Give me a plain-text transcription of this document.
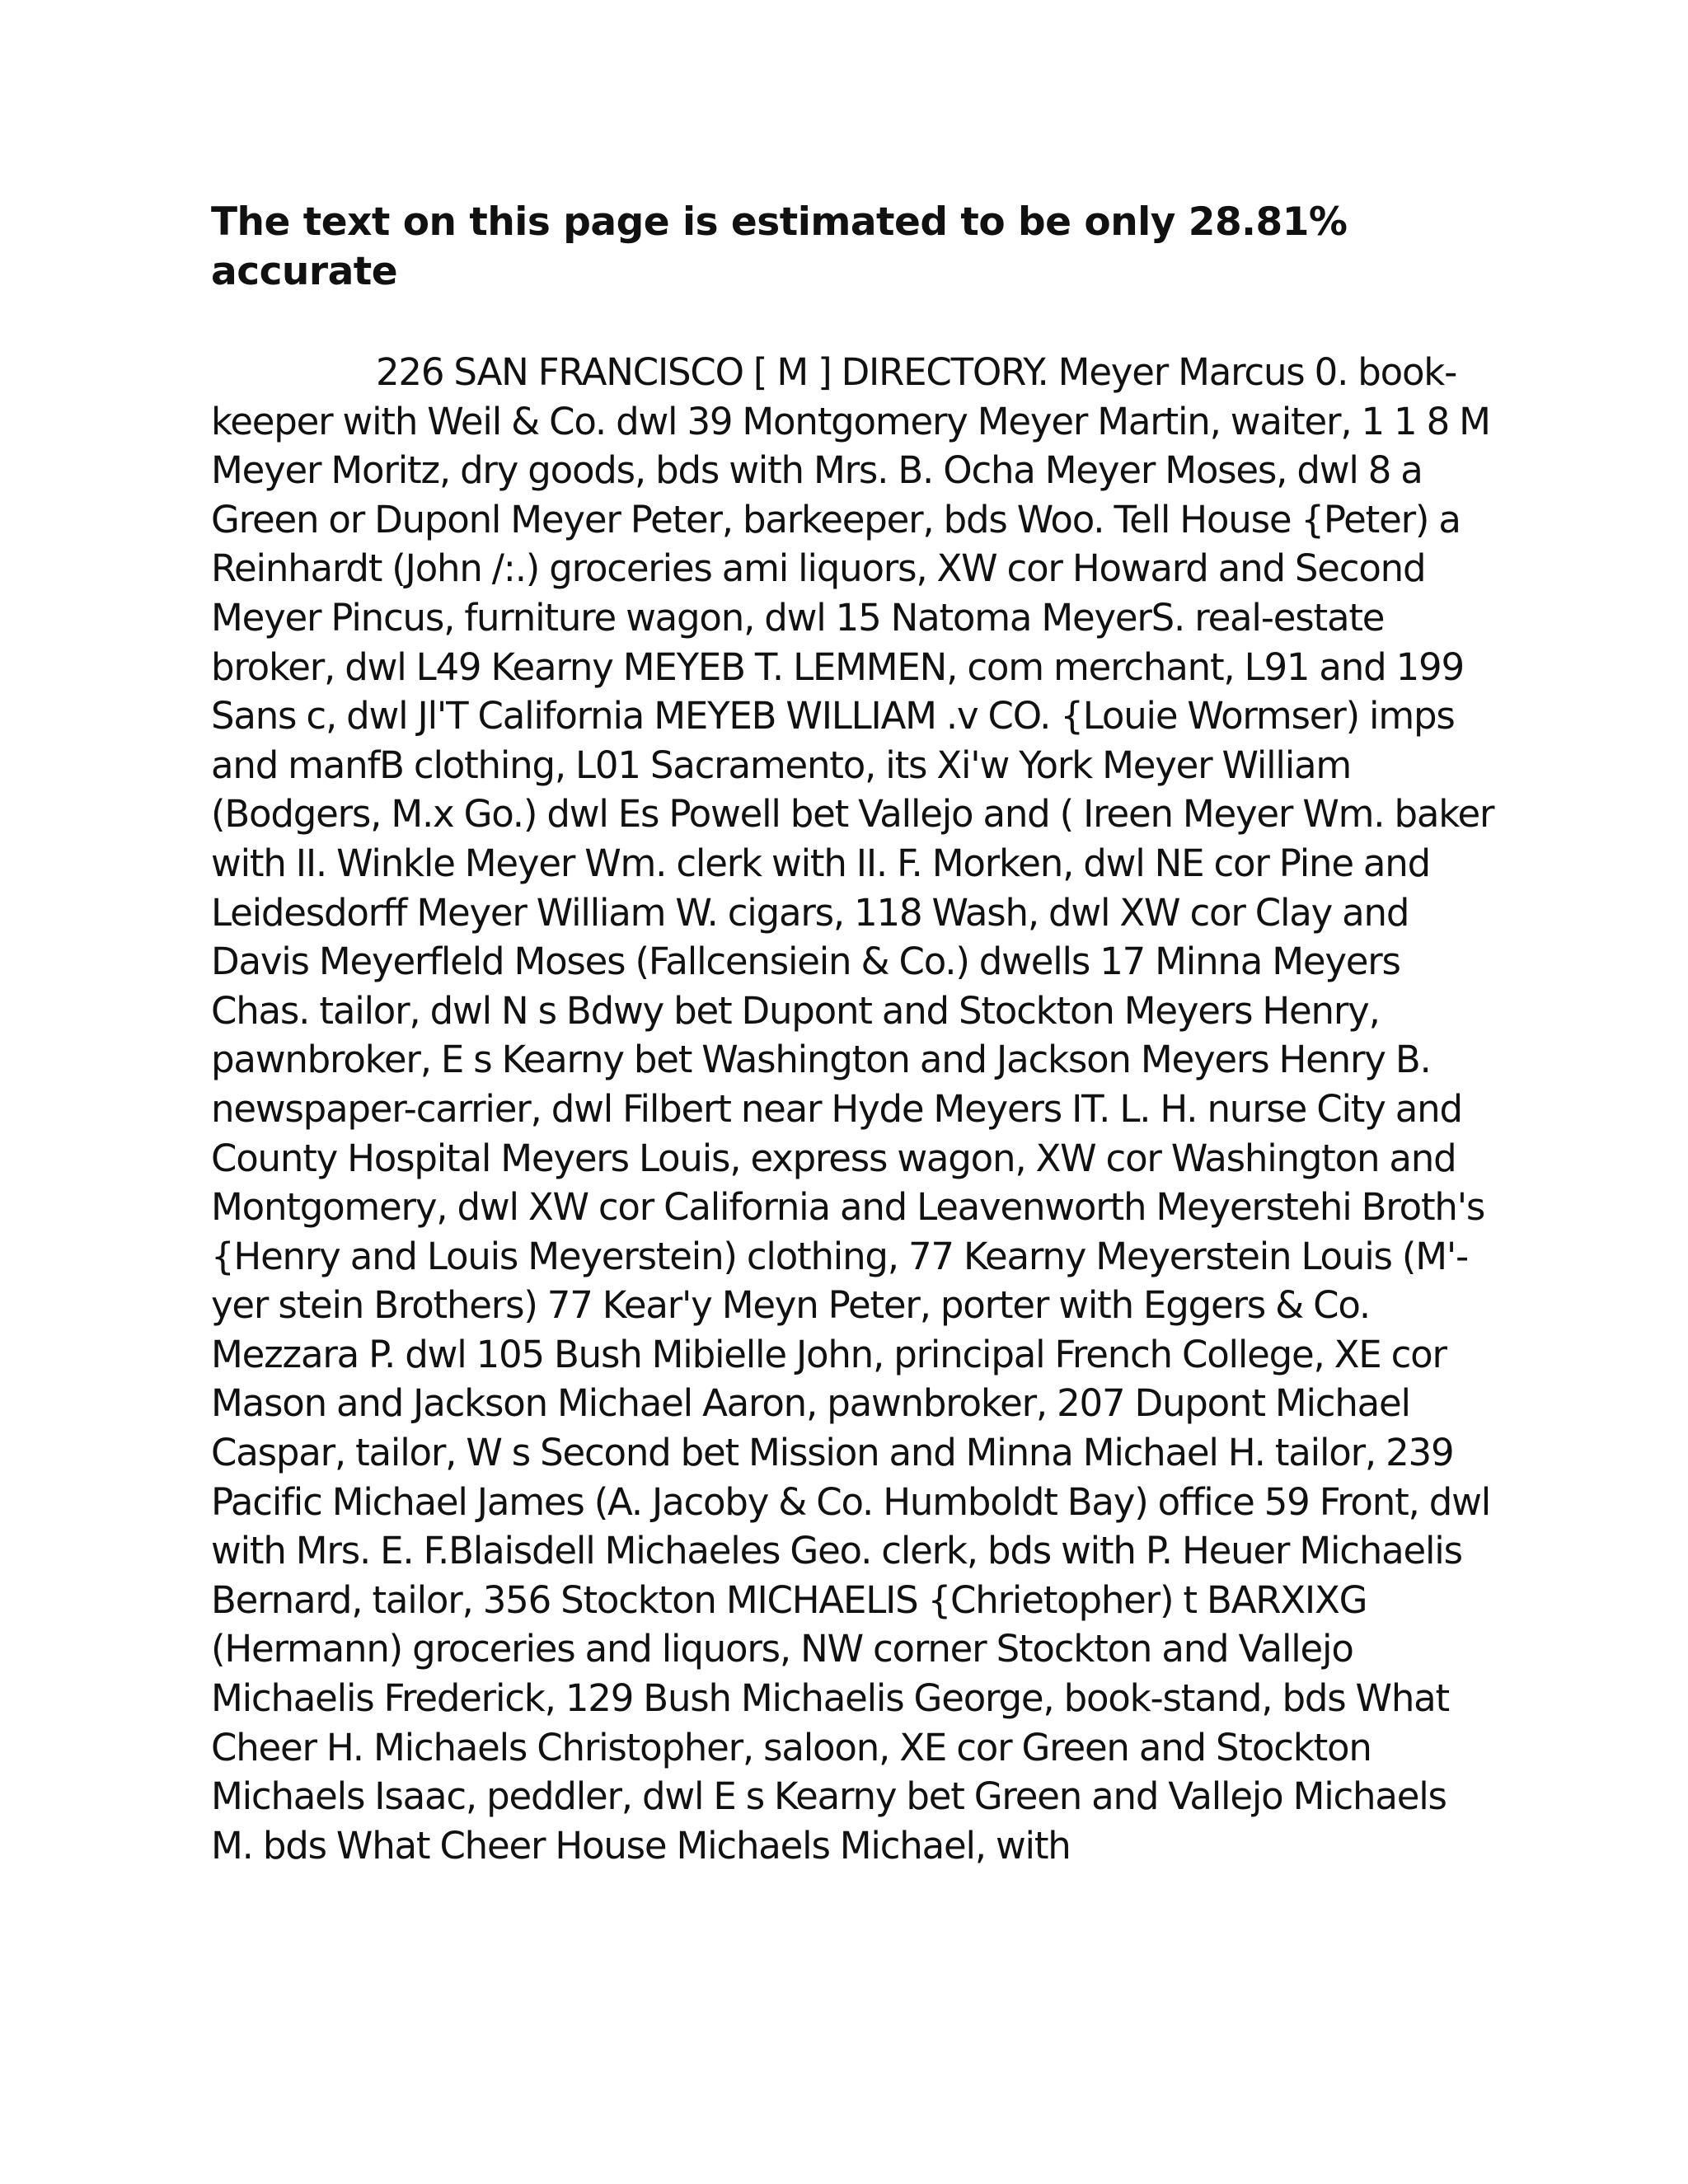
The text on this page is estimated to be only 28.81% accurate

226 SAN FRANCISCO [ M ] DIRECTORY. Meyer Marcus 0. book-keeper with Weil & Co. dwl 39 Montgomery Meyer Martin, waiter, 1 1 8 M Meyer Moritz, dry goods, bds with Mrs. B. Ocha Meyer Moses, dwl 8 a Green or Duponl Meyer Peter, barkeeper, bds Woo. Tell House {Peter) a Reinhardt (John /:.) groceries ami liquors, XW cor Howard and Second Meyer Pincus, furniture wagon, dwl 15 Natoma MeyerS. real-estate broker, dwl L49 Kearny MEYEB T. LEMMEN, com merchant, L91 and 199 Sans c, dwl Jl'T California MEYEB WILLIAM .v CO. {Louie Wormser) imps and manfB clothing, L01 Sacramento, its Xi'w York Meyer William (Bodgers, M.x Go.) dwl Es Powell bet Vallejo and ( Ireen Meyer Wm. baker with II. Winkle Meyer Wm. clerk with II. F. Morken, dwl NE cor Pine and Leidesdorff Meyer William W. cigars, 118 Wash, dwl XW cor Clay and Davis Meyerfleld Moses (Fallcensiein & Co.) dwells 17 Minna Meyers Chas. tailor, dwl N s Bdwy bet Dupont and Stockton Meyers Henry, pawnbroker, E s Kearny bet Washington and Jackson Meyers Henry B. newspaper-carrier, dwl Filbert near Hyde Meyers IT. L. H. nurse City and County Hospital Meyers Louis, express wagon, XW cor Washington and Montgomery, dwl XW cor California and Leavenworth Meyerstehi Broth's {Henry and Louis Meyerstein) clothing, 77 Kearny Meyerstein Louis (M'-yer stein Brothers) 77 Kear'y Meyn Peter, porter with Eggers & Co. Mezzara P. dwl 105 Bush Mibielle John, principal French College, XE cor Mason and Jackson Michael Aaron, pawnbroker, 207 Dupont Michael Caspar, tailor, W s Second bet Mission and Minna Michael H. tailor, 239 Pacific Michael James (A. Jacoby & Co. Humboldt Bay) office 59 Front, dwl with Mrs. E. F.Blaisdell Michaeles Geo. clerk, bds with P. Heuer Michaelis Bernard, tailor, 356 Stockton MICHAELIS {Chrietopher) t BARXIXG (Hermann) groceries and liquors, NW corner Stockton and Vallejo Michaelis Frederick, 129 Bush Michaelis George, book-stand, bds What Cheer H. Michaels Christopher, saloon, XE cor Green and Stockton Michaels Isaac, peddler, dwl E s Kearny bet Green and Vallejo Michaels M. bds What Cheer House Michaels Michael, with
